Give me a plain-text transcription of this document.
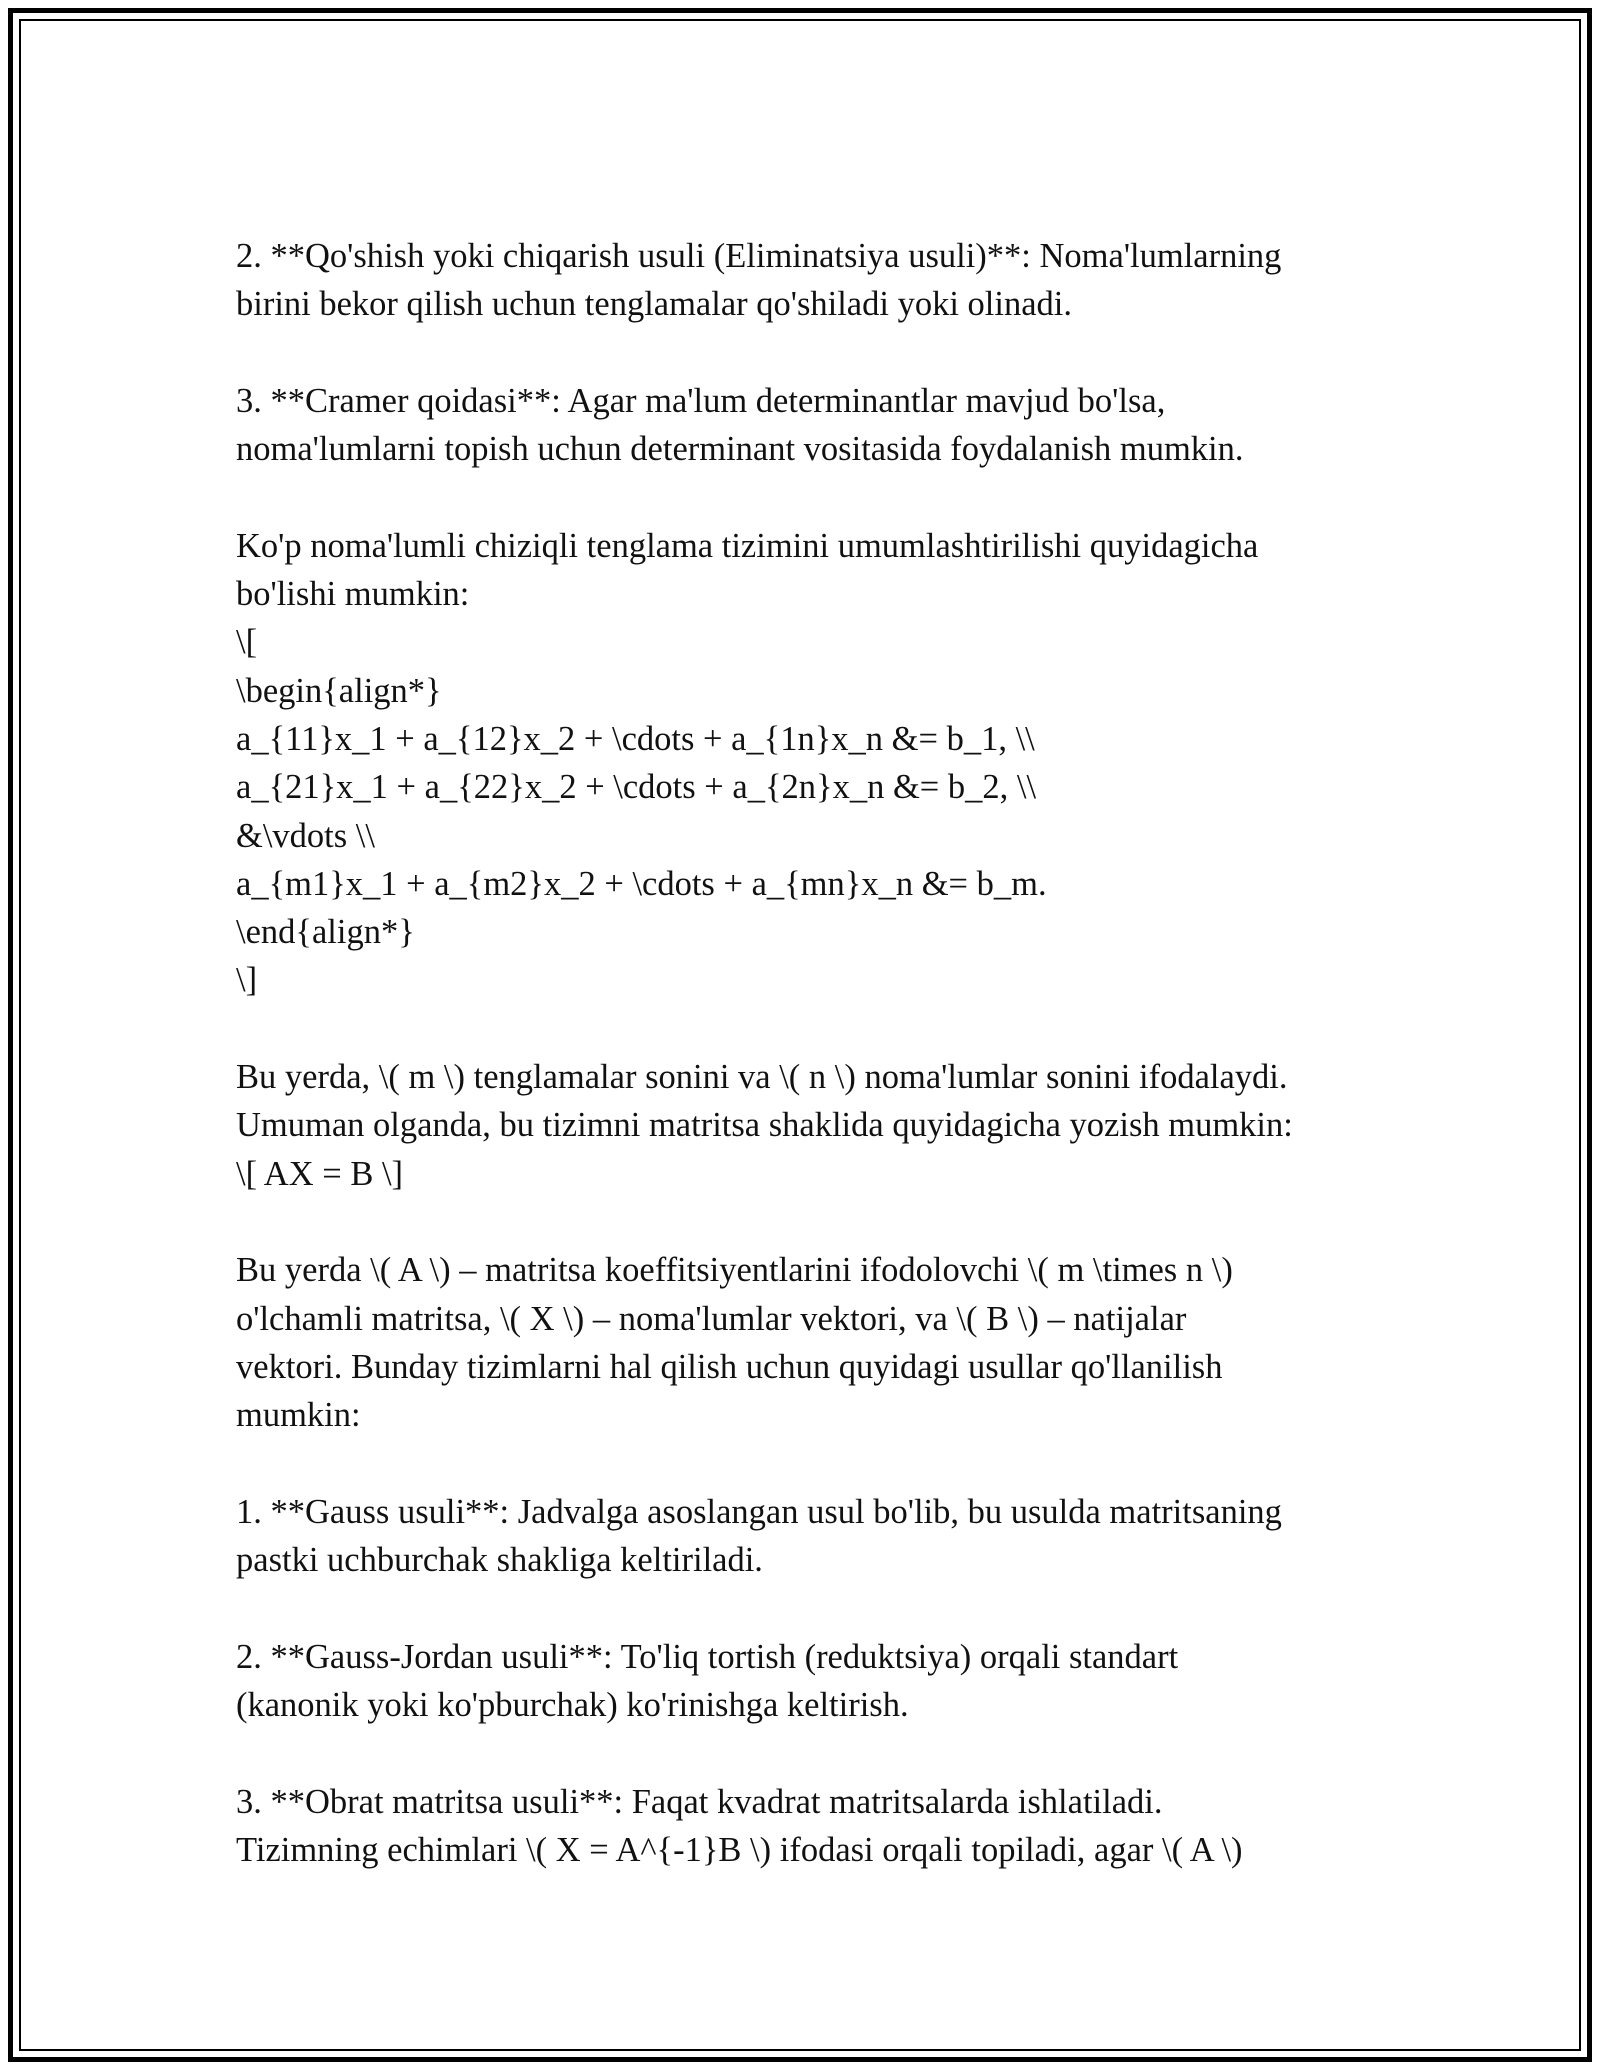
2. **Qo'shish yoki chiqarish usuli (Eliminatsiya usuli)**: Noma'lumlarning
birini bekor qilish uchun tenglamalar qo'shiladi yoki olinadi.
3. **Cramer qoidasi**: Agar ma'lum determinantlar mavjud bo'lsa,
noma'lumlarni topish uchun determinant vositasida foydalanish mumkin.
Ko'p noma'lumli chiziqli tenglama tizimini umumlashtirilishi quyidagicha
bo'lishi mumkin:
\[
\begin{align*}
a_{11}x_1 + a_{12}x_2 + \cdots + a_{1n}x_n &= b_1, \\
a_{21}x_1 + a_{22}x_2 + \cdots + a_{2n}x_n &= b_2, \\
&\vdots \\
a_{m1}x_1 + a_{m2}x_2 + \cdots + a_{mn}x_n &= b_m.
\end{align*}
\]
Bu yerda, \( m \) tenglamalar sonini va \( n \) noma'lumlar sonini ifodalaydi.
Umuman olganda, bu tizimni matritsa shaklida quyidagicha yozish mumkin:
\[ AX = B \]
Bu yerda \( A \) – matritsa koeffitsiyentlarini ifodolovchi \( m \times n \)
o'lchamli matritsa, \( X \) – noma'lumlar vektori, va \( B \) – natijalar
vektori. Bunday tizimlarni hal qilish uchun quyidagi usullar qo'llanilish
mumkin:
1. **Gauss usuli**: Jadvalga asoslangan usul bo'lib, bu usulda matritsaning
pastki uchburchak shakliga keltiriladi.
2. **Gauss-Jordan usuli**: To'liq tortish (reduktsiya) orqali standart
(kanonik yoki ko'pburchak) ko'rinishga keltirish.
3. **Obrat matritsa usuli**: Faqat kvadrat matritsalarda ishlatiladi.
Tizimning echimlari \( X = A^{-1}B \) ifodasi orqali topiladi, agar \( A \)
